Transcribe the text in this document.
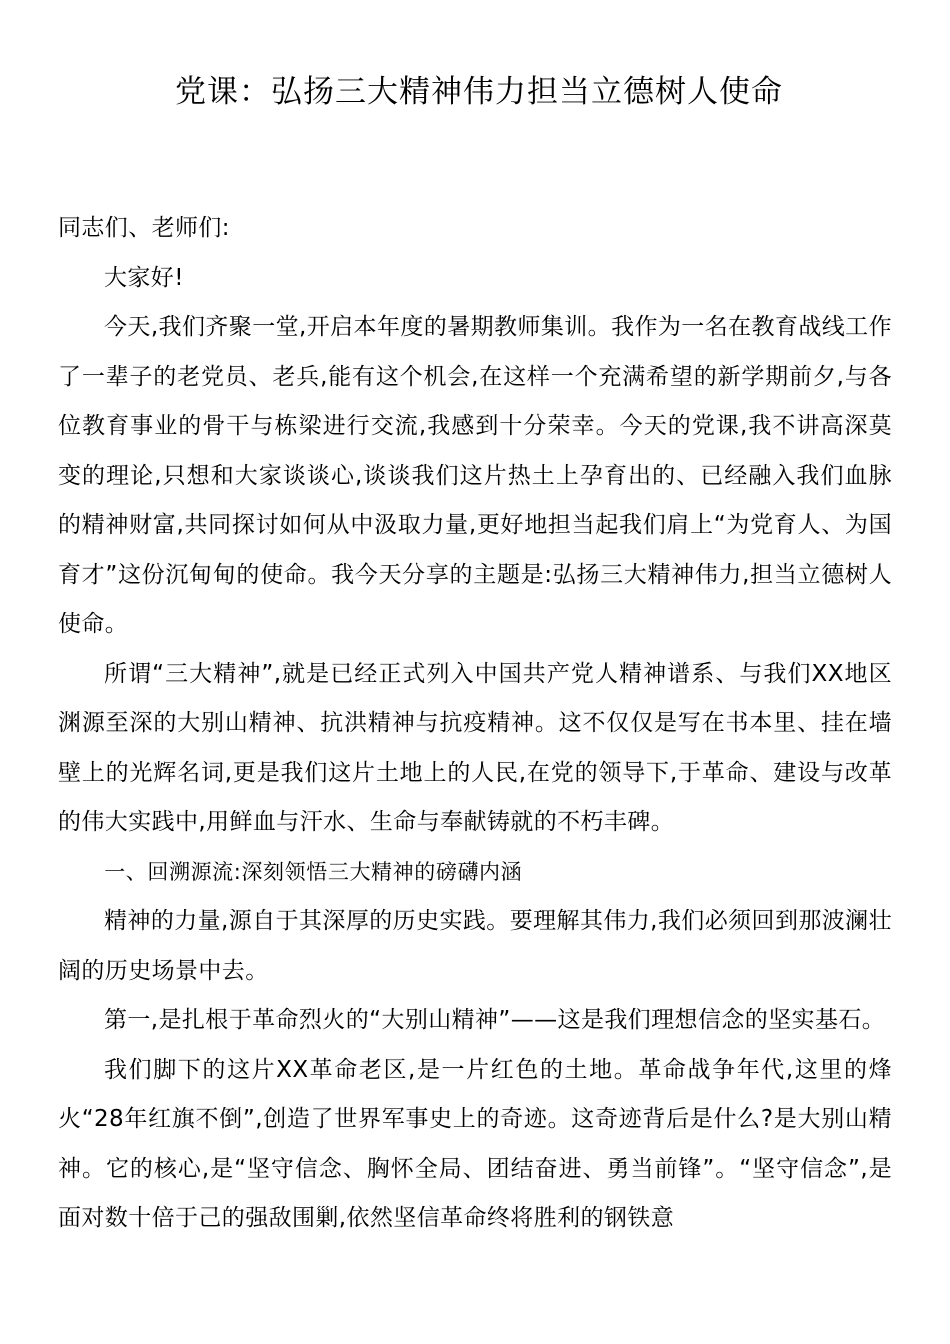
党课：弘扬三大精神伟力担当立德树人使命

同志们、老师们:

大家好!

今天,我们齐聚一堂,开启本年度的暑期教师集训。我作为一名在教育战线工作了一辈子的老党员、老兵,能有这个机会,在这样一个充满希望的新学期前夕,与各位教育事业的骨干与栋梁进行交流,我感到十分荣幸。今天的党课,我不讲高深莫变的理论,只想和大家谈谈心,谈谈我们这片热土上孕育出的、已经融入我们血脉的精神财富,共同探讨如何从中汲取力量,更好地担当起我们肩上“为党育人、为国育才”这份沉甸甸的使命。我今天分享的主题是:弘扬三大精神伟力,担当立德树人使命。

所谓“三大精神”,就是已经正式列入中国共产党人精神谱系、与我们XX地区渊源至深的大别山精神、抗洪精神与抗疫精神。这不仅仅是写在书本里、挂在墙壁上的光辉名词,更是我们这片土地上的人民,在党的领导下,于革命、建设与改革的伟大实践中,用鲜血与汗水、生命与奉献铸就的不朽丰碑。

一、回溯源流:深刻领悟三大精神的磅礴内涵

精神的力量,源自于其深厚的历史实践。要理解其伟力,我们必须回到那波澜壮阔的历史场景中去。

第一,是扎根于革命烈火的“大别山精神”——这是我们理想信念的坚实基石。

我们脚下的这片XX革命老区,是一片红色的土地。革命战争年代,这里的烽火“28年红旗不倒”,创造了世界军事史上的奇迹。这奇迹背后是什么?是大别山精神。它的核心,是“坚守信念、胸怀全局、团结奋进、勇当前锋”。“坚守信念”,是面对数十倍于己的强敌围剿,依然坚信革命终将胜利的钢铁意
